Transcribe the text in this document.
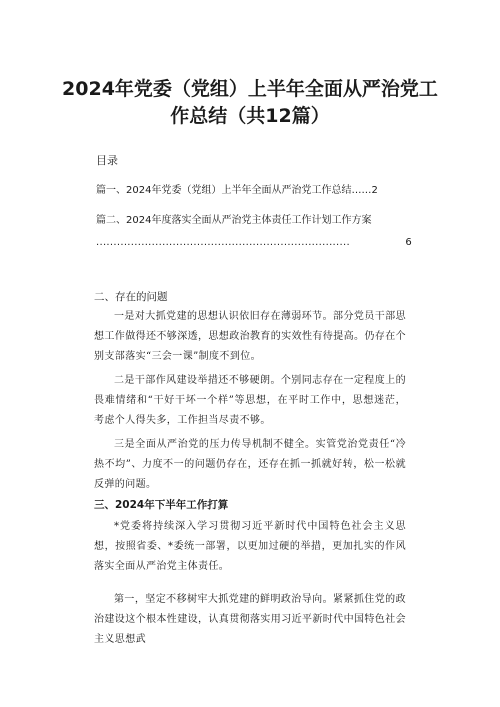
2024年党委（党组）上半年全面从严治党工作总结（共12篇）
目录
篇一、2024年党委（党组）上半年全面从严治党工作总结‥‥‥2
篇二、2024年度落实全面从严治党主体责任工作计划工作方案
.........................................................................	6
二、存在的问题

一是对大抓党建的思想认识依旧存在薄弱环节。部分党员干部思想工作做得还不够深透，思想政治教育的实效性有待提高。仍存在个别支部落实“三会一课”制度不到位。

二是干部作风建设举措还不够硬朗。个别同志存在一定程度上的畏难情绪和“干好干坏一个样”等思想，在平时工作中，思想迷茫，考虑个人得失多，工作担当尽责不够。

三是全面从严治党的压力传导机制不健全。实管党治党责任“冷热不均”、力度不一的问题仍存在，还存在抓一抓就好转，松一松就反弹的问题。

三、2024年下半年工作打算

*党委将持续深入学习贯彻习近平新时代中国特色社会主义思想，按照省委、*委统一部署，以更加过硬的举措，更加扎实的作风落实全面从严治党主体责任。

第一，坚定不移树牢大抓党建的鲜明政治导向。紧紧抓住党的政治建设这个根本性建设，认真贯彻落实用习近平新时代中国特色社会主义思想武
